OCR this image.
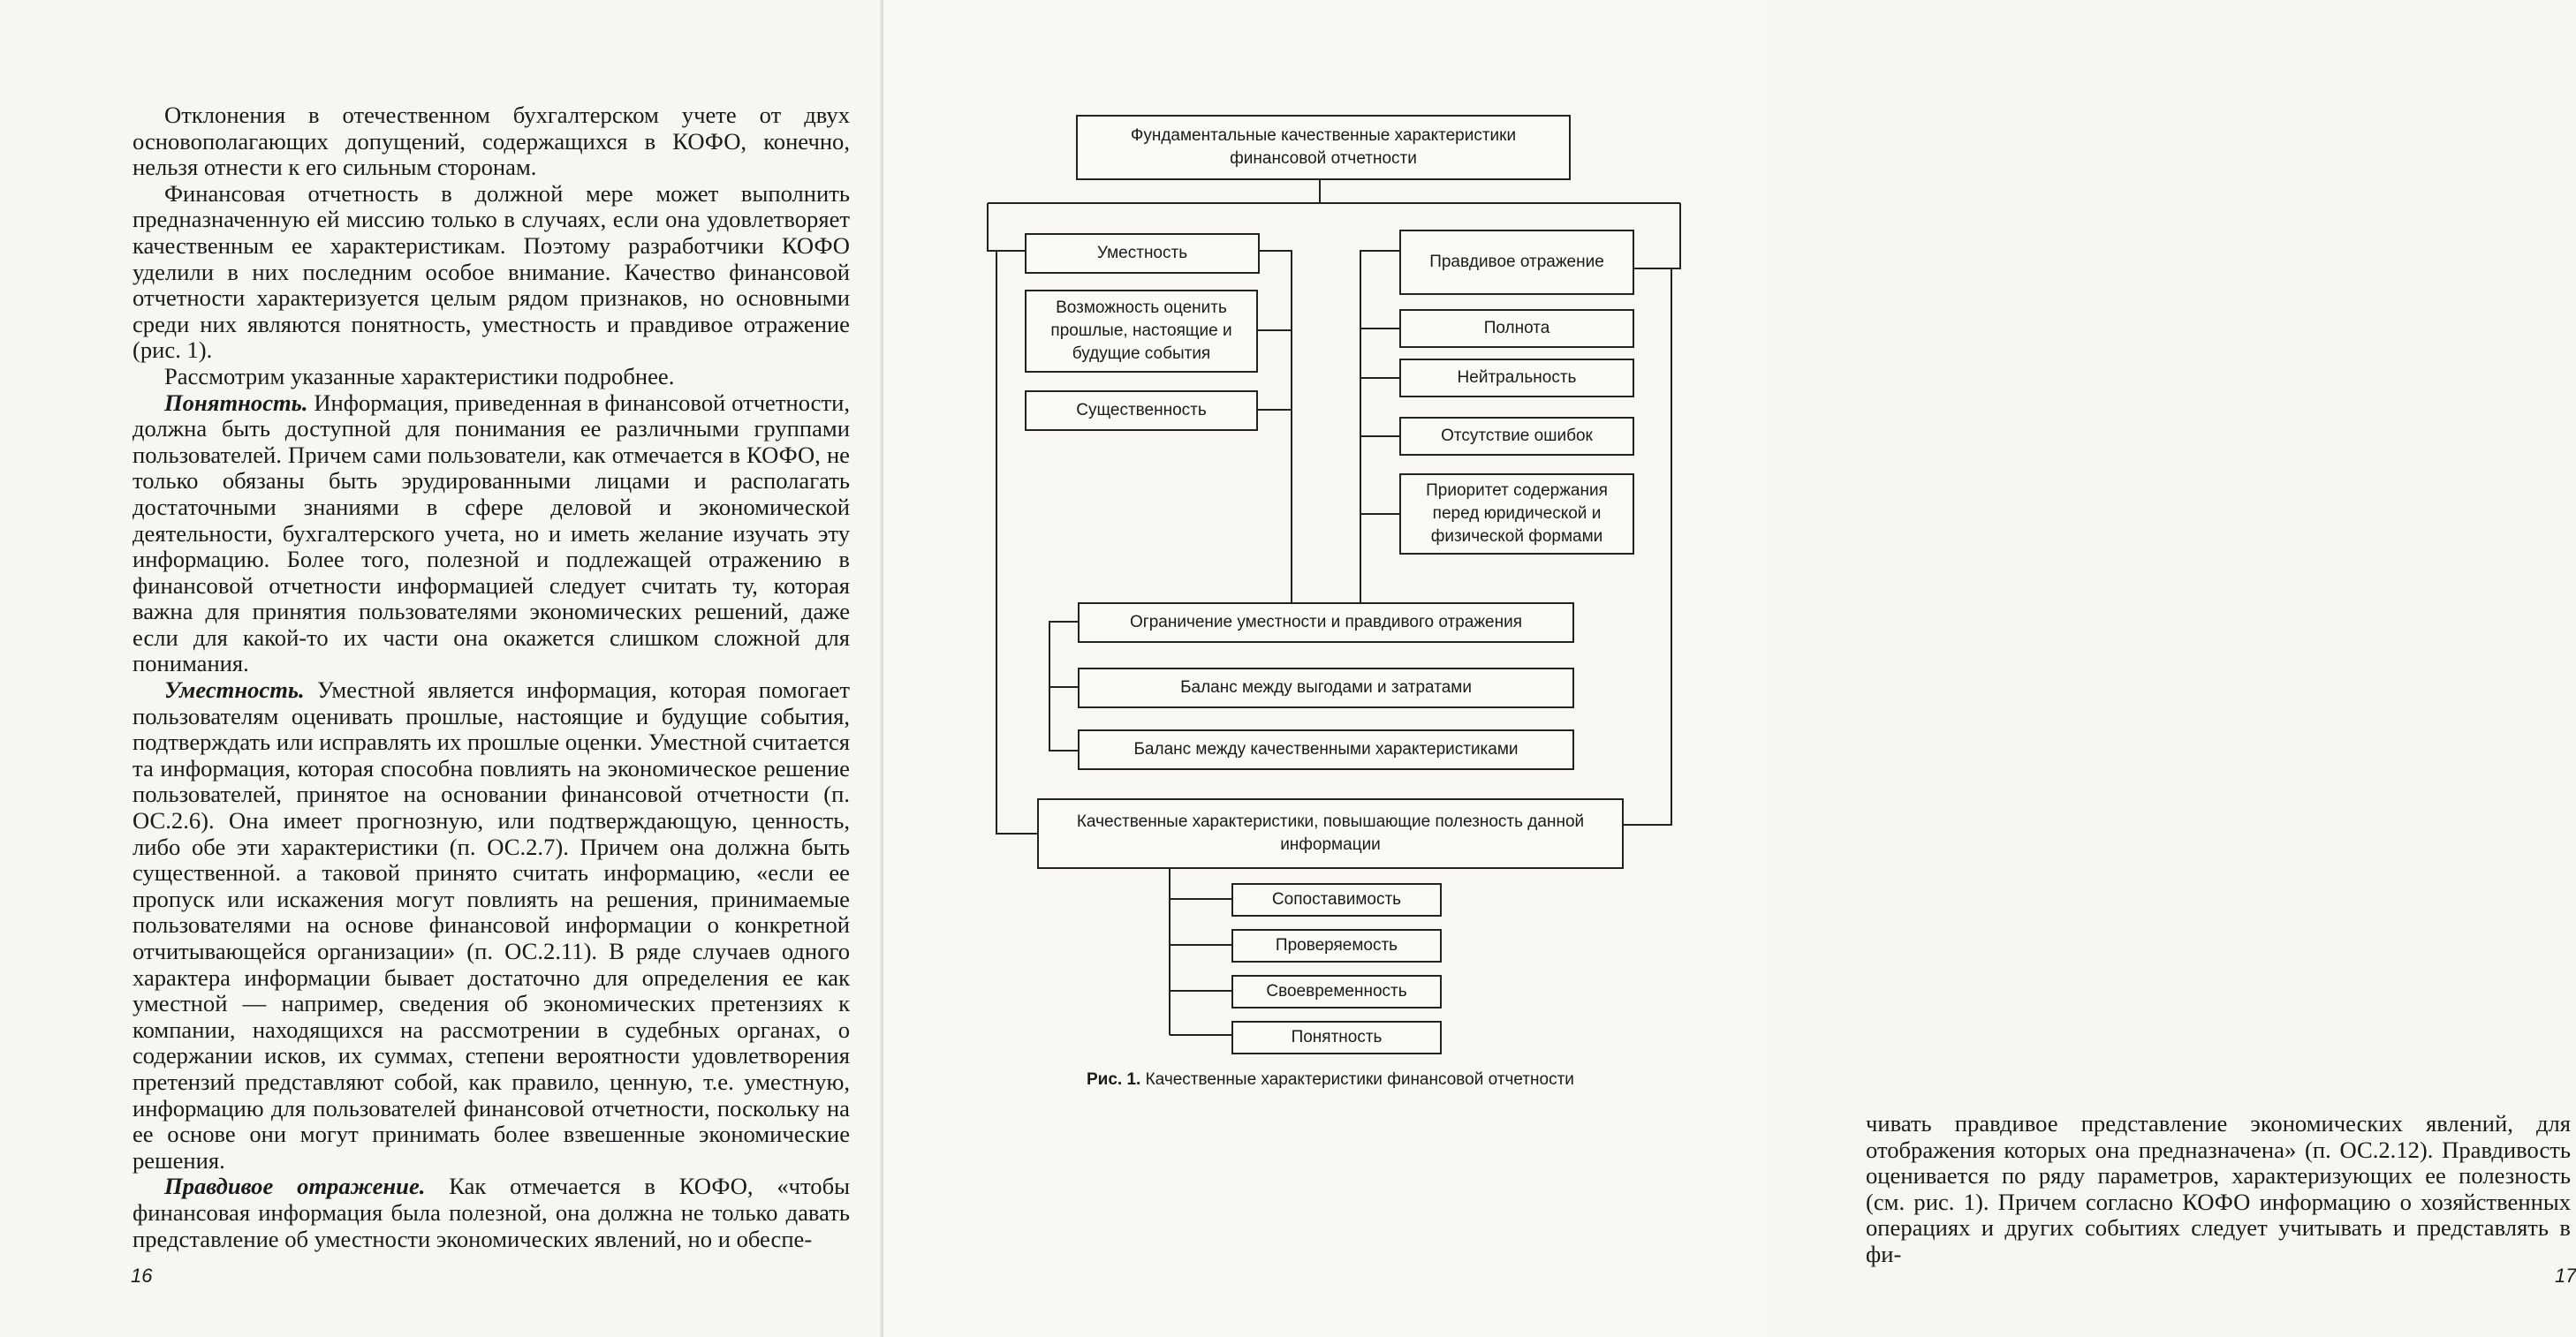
Отклонения в отечественном бухгалтерском учете от двух основополагающих допущений, содержащихся в КОФО, конечно, нельзя отнести к его сильным сторонам.

Финансовая отчетность в должной мере может выполнить предназначенную ей миссию только в случаях, если она удовлетворяет качественным ее характеристикам. Поэтому разработчики КОФО уделили в них последним особое внимание. Качество финансовой отчетности характеризуется целым рядом признаков, но основными среди них являются понятность, уместность и правдивое отражение (рис. 1).

Рассмотрим указанные характеристики подробнее.

Понятность. Информация, приведенная в финансовой отчетности, должна быть доступной для понимания ее различными группами пользователей. Причем сами пользователи, как отмечается в КОФО, не только обязаны быть эрудированными лицами и располагать достаточными знаниями в сфере деловой и экономической деятельности, бухгалтерского учета, но и иметь желание изучать эту информацию. Более того, полезной и подлежащей отражению в финансовой отчетности информацией следует считать ту, которая важна для принятия пользователями экономических решений, даже если для какой-то их части она окажется слишком сложной для понимания.

Уместность. Уместной является информация, которая помогает пользователям оценивать прошлые, настоящие и будущие события, подтверждать или исправлять их прошлые оценки. Уместной считается та информация, которая способна повлиять на экономическое решение пользователей, принятое на основании финансовой отчетности (п. ОС.2.6). Она имеет прогнозную, или подтверждающую, ценность, либо обе эти характеристики (п. ОС.2.7). Причем она должна быть существенной. а таковой принято считать информацию, «если ее пропуск или искажения могут повлиять на решения, принимаемые пользователями на основе финансовой информации о конкретной отчитывающейся организации» (п. ОС.2.11). В ряде случаев одного характера информации бывает достаточно для определения ее как уместной — например, сведения об экономических претензиях к компании, находящихся на рассмотрении в судебных органах, о содержании исков, их суммах, степени вероятности удовлетворения претензий представляют собой, как правило, ценную, т.е. уместную, информацию для пользователей финансовой отчетности, поскольку на ее основе они могут принимать более взвешенные экономические решения.

Правдивое отражение. Как отмечается в КОФО, «чтобы финансовая информация была полезной, она должна не только давать представление об уместности экономических явлений, но и обеспе-

16

чивать правдивое представление экономических явлений, для отображения которых она предназначена» (п. ОС.2.12). Правдивость оценивается по ряду параметров, характеризующих ее полезность (см. рис. 1). Причем согласно КОФО информацию о хозяйственных операциях и других событиях следует учитывать и представлять в фи-

17
Фундаментальные качественные характеристики финансовой отчетности
Уместность
Возможность оценить прошлые, настоящие и будущие события
Существенность
Правдивое отражение
Полнота
Нейтральность
Отсутствие ошибок
Приоритет содержания перед юридической и физической формами
Ограничение уместности и правдивого отражения
Баланс между выгодами и затратами
Баланс между качественными характеристиками
Качественные характеристики, повышающие полезность данной информации
Сопоставимость
Проверяемость
Своевременность
Понятность
Рис. 1. Качественные характеристики финансовой отчетности
